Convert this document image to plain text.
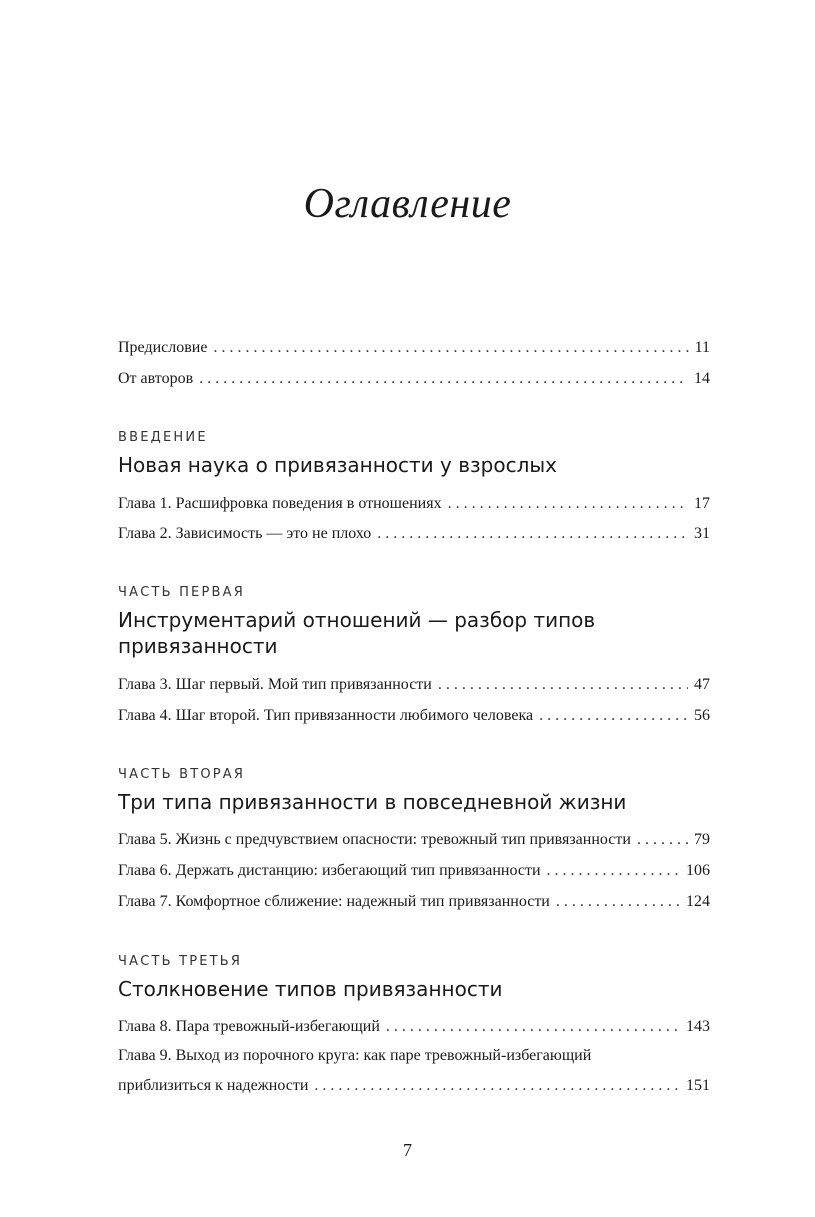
Оглавление
Предисловие . . .	11
От авторов . . .	14
ВВЕДЕНИЕ
Новая наука о привязанности у взрослых
Глава 1. Расшифровка поведения в отношениях . . .	17
Глава 2. Зависимость — это не плохо . . .	31
ЧАСТЬ ПЕРВАЯ
Инструментарий отношений — разбор типов
привязанности
Глава 3. Шаг первый. Мой тип привязанности . . .	47
Глава 4. Шаг второй. Тип привязанности любимого человека . . .	56
ЧАСТЬ ВТОРАЯ
Три типа привязанности в повседневной жизни
Глава 5. Жизнь с предчувствием опасности: тревожный тип привязанности . . .	79
Глава 6. Держать дистанцию: избегающий тип привязанности . . .	106
Глава 7. Комфортное сближение: надежный тип привязанности . . .	124
ЧАСТЬ ТРЕТЬЯ
Столкновение типов привязанности
Глава 8. Пара тревожный-избегающий . . .	143
Глава 9. Выход из порочного круга: как паре тревожный-избегающий
приблизиться к надежности . . .	151
7
